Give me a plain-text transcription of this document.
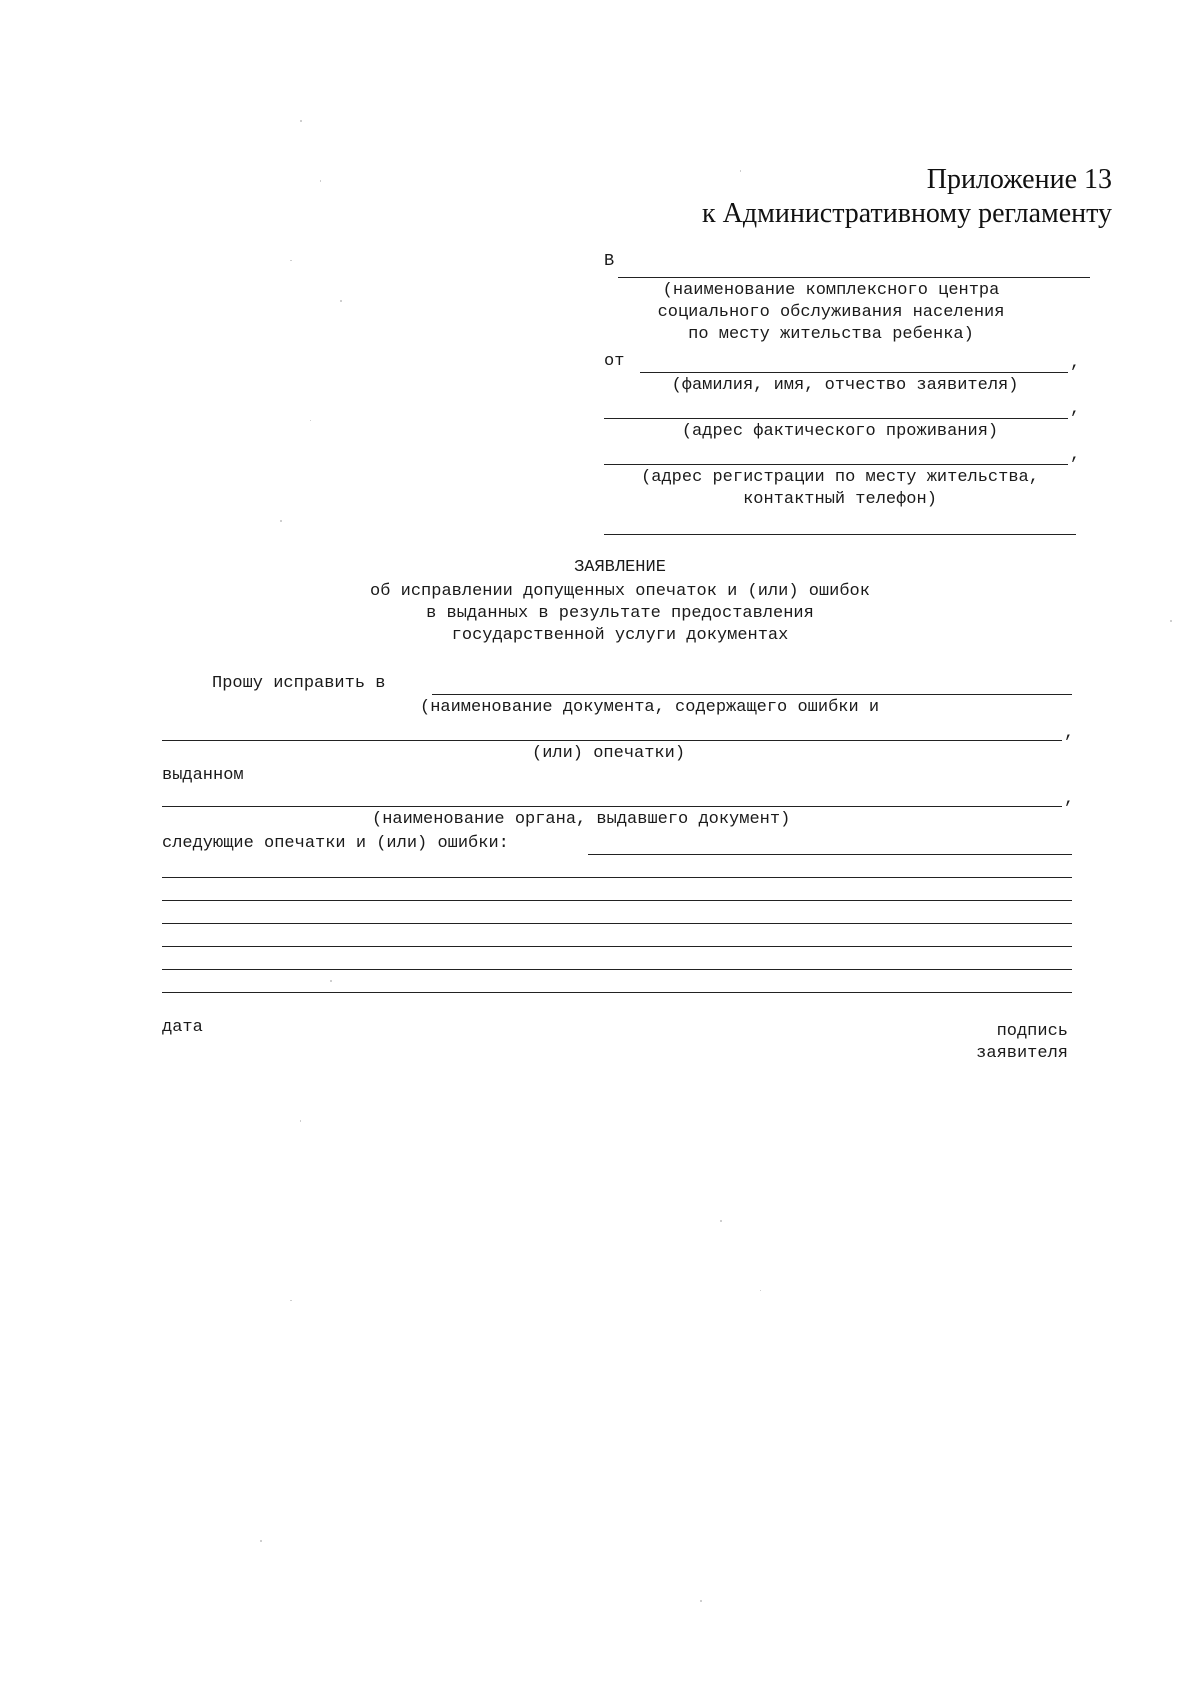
Приложение 13
к Административному регламенту
В
(наименование комплексного центра
социального обслуживания населения
по месту жительства ребенка)
от	,
(фамилия, имя, отчество заявителя)
,
(адрес фактического проживания)
,
(адрес регистрации по месту жительства,
контактный телефон)
ЗАЯВЛЕНИЕ
об исправлении допущенных опечаток и (или) ошибок
в выданных в результате предоставления
государственной услуги документах
Прошу исправить в
(наименование документа, содержащего ошибки и
,
(или) опечатки)
выданном
,
(наименование органа, выдавшего документ)
следующие опечатки и (или) ошибки:
дата	подпись
заявителя
